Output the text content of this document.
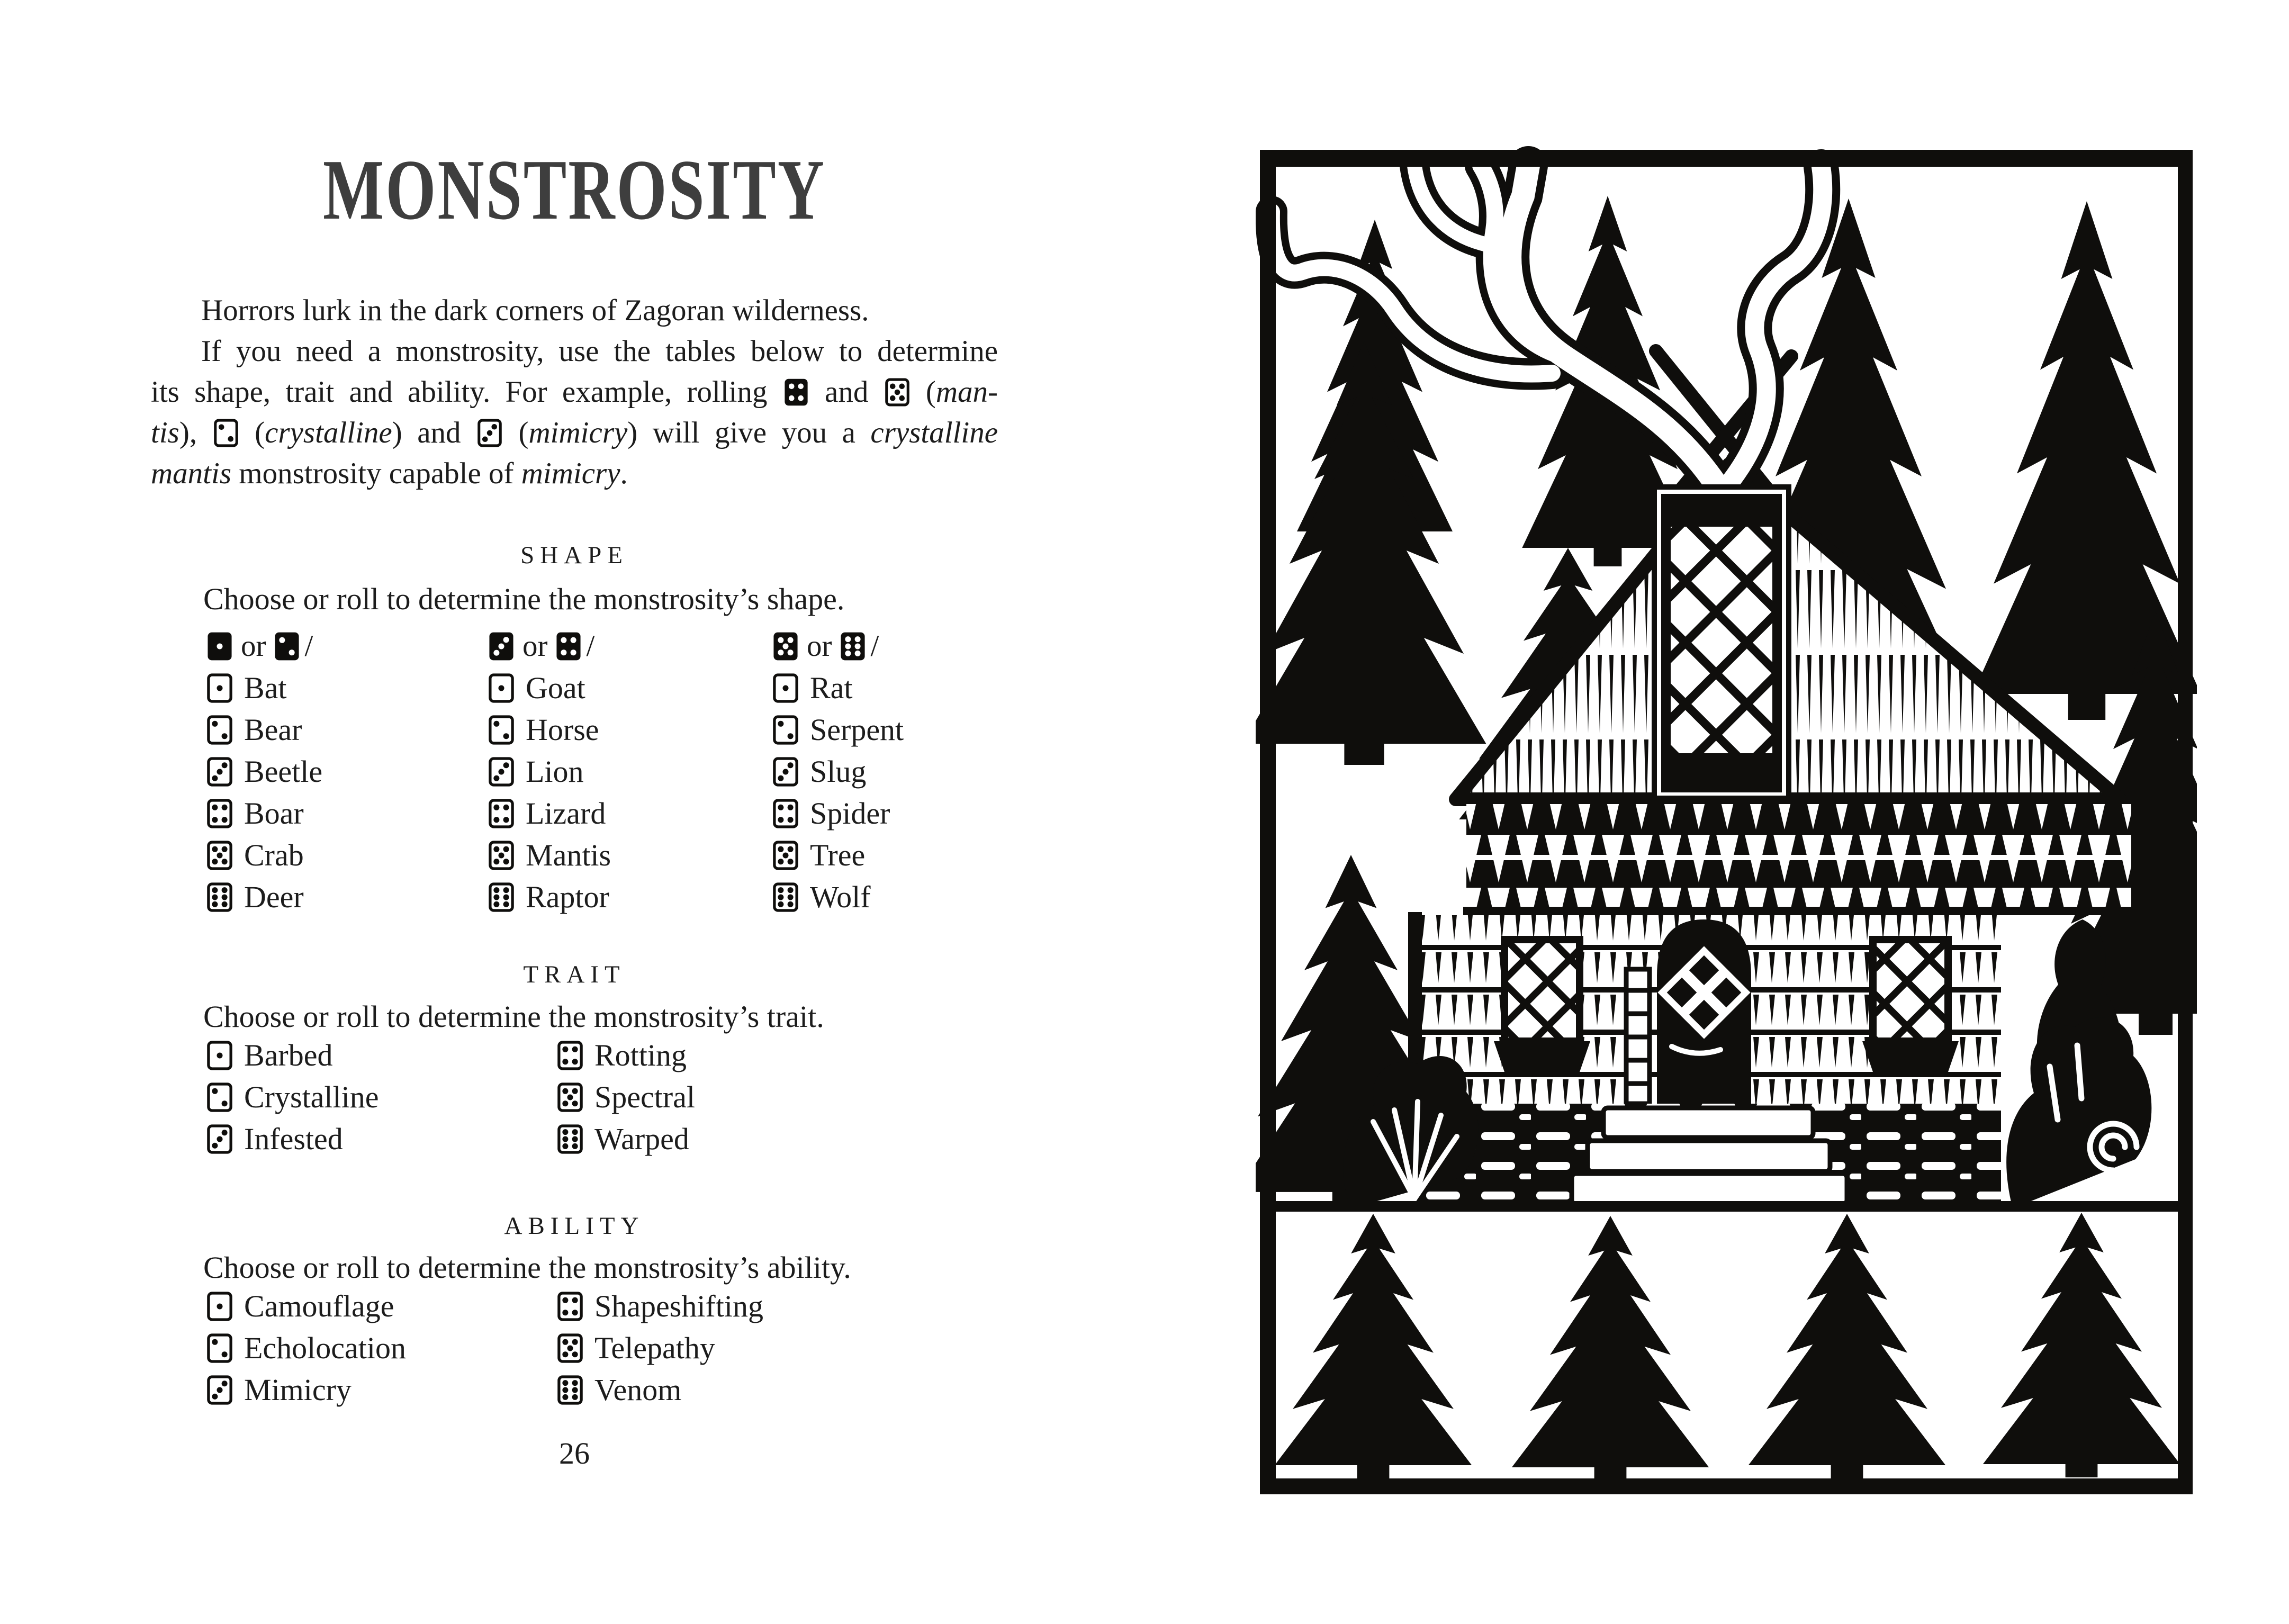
MONSTROSITY
Horrors lurk in the dark corners of Zagoran wilderness.
If you need a monstrosity, use the tables below to determine
its shape, trait and ability. For example, rolling  and  (man-
tis),  (crystalline) and  (mimicry) will give you a crystalline
mantis monstrosity capable of mimicry.
SHAPE
Choose or roll to determine the monstrosity’s shape.
or /
Bat
Bear
Beetle
Boar
Crab
Deer
or /
Goat
Horse
Lion
Lizard
Mantis
Raptor
or /
Rat
Serpent
Slug
Spider
Tree
Wolf
TRAIT
Choose or roll to determine the monstrosity’s trait.
Barbed
Crystalline
Infested
Rotting
Spectral
Warped
ABILITY
Choose or roll to determine the monstrosity’s ability.
Camouflage
Echolocation
Mimicry
Shapeshifting
Telepathy
Venom
26
